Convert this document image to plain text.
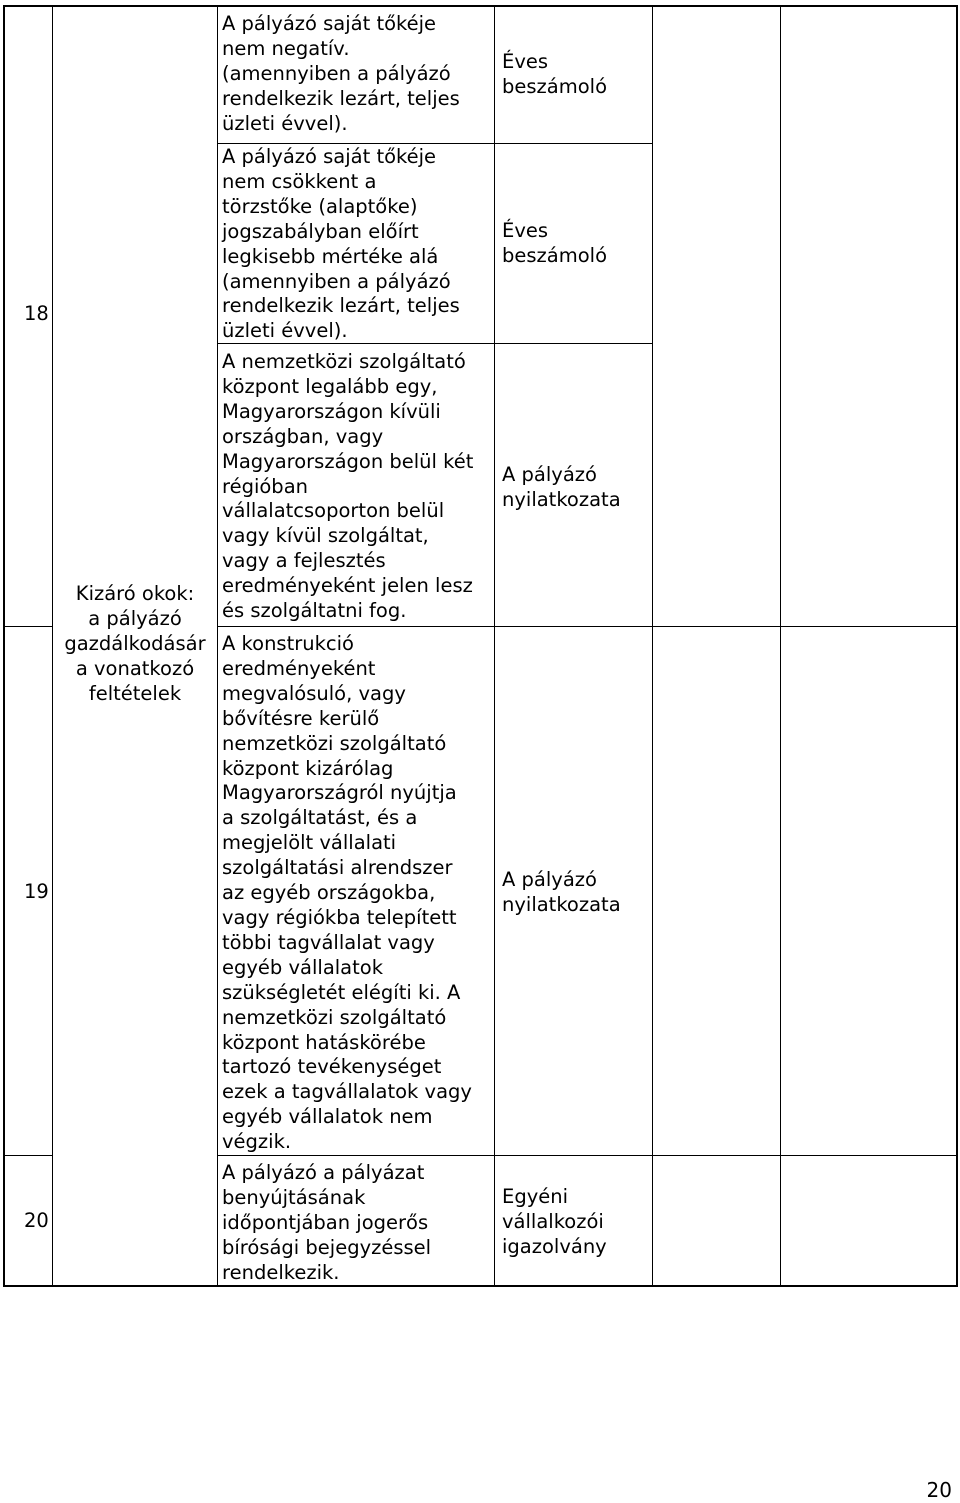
18
19
20
Kizáró okok:
a pályázó
gazdálkodásár
a vonatkozó
feltételek
A pályázó saját tőkéje
nem negatív.
(amennyiben a pályázó
rendelkezik lezárt, teljes
üzleti évvel).
A pályázó saját tőkéje
nem csökkent a
törzstőke (alaptőke)
jogszabályban előírt
legkisebb mértéke alá
(amennyiben a pályázó
rendelkezik lezárt, teljes
üzleti évvel).
A nemzetközi szolgáltató
központ legalább egy,
Magyarországon kívüli
országban, vagy
Magyarországon belül két
régióban
vállalatcsoporton belül
vagy kívül szolgáltat,
vagy a fejlesztés
eredményeként jelen lesz
és szolgáltatni fog.
A konstrukció
eredményeként
megvalósuló, vagy
bővítésre kerülő
nemzetközi szolgáltató
központ kizárólag
Magyarországról nyújtja
a szolgáltatást, és a
megjelölt vállalati
szolgáltatási alrendszer
az egyéb országokba,
vagy régiókba telepített
többi tagvállalat vagy
egyéb vállalatok
szükségletét elégíti ki. A
nemzetközi szolgáltató
központ hatáskörébe
tartozó tevékenységet
ezek a tagvállalatok vagy
egyéb vállalatok nem
végzik.
A pályázó a pályázat
benyújtásának
időpontjában jogerős
bírósági bejegyzéssel
rendelkezik.
Éves
beszámoló
Éves
beszámoló
A pályázó
nyilatkozata
A pályázó
nyilatkozata
Egyéni
vállalkozói
igazolvány
20
